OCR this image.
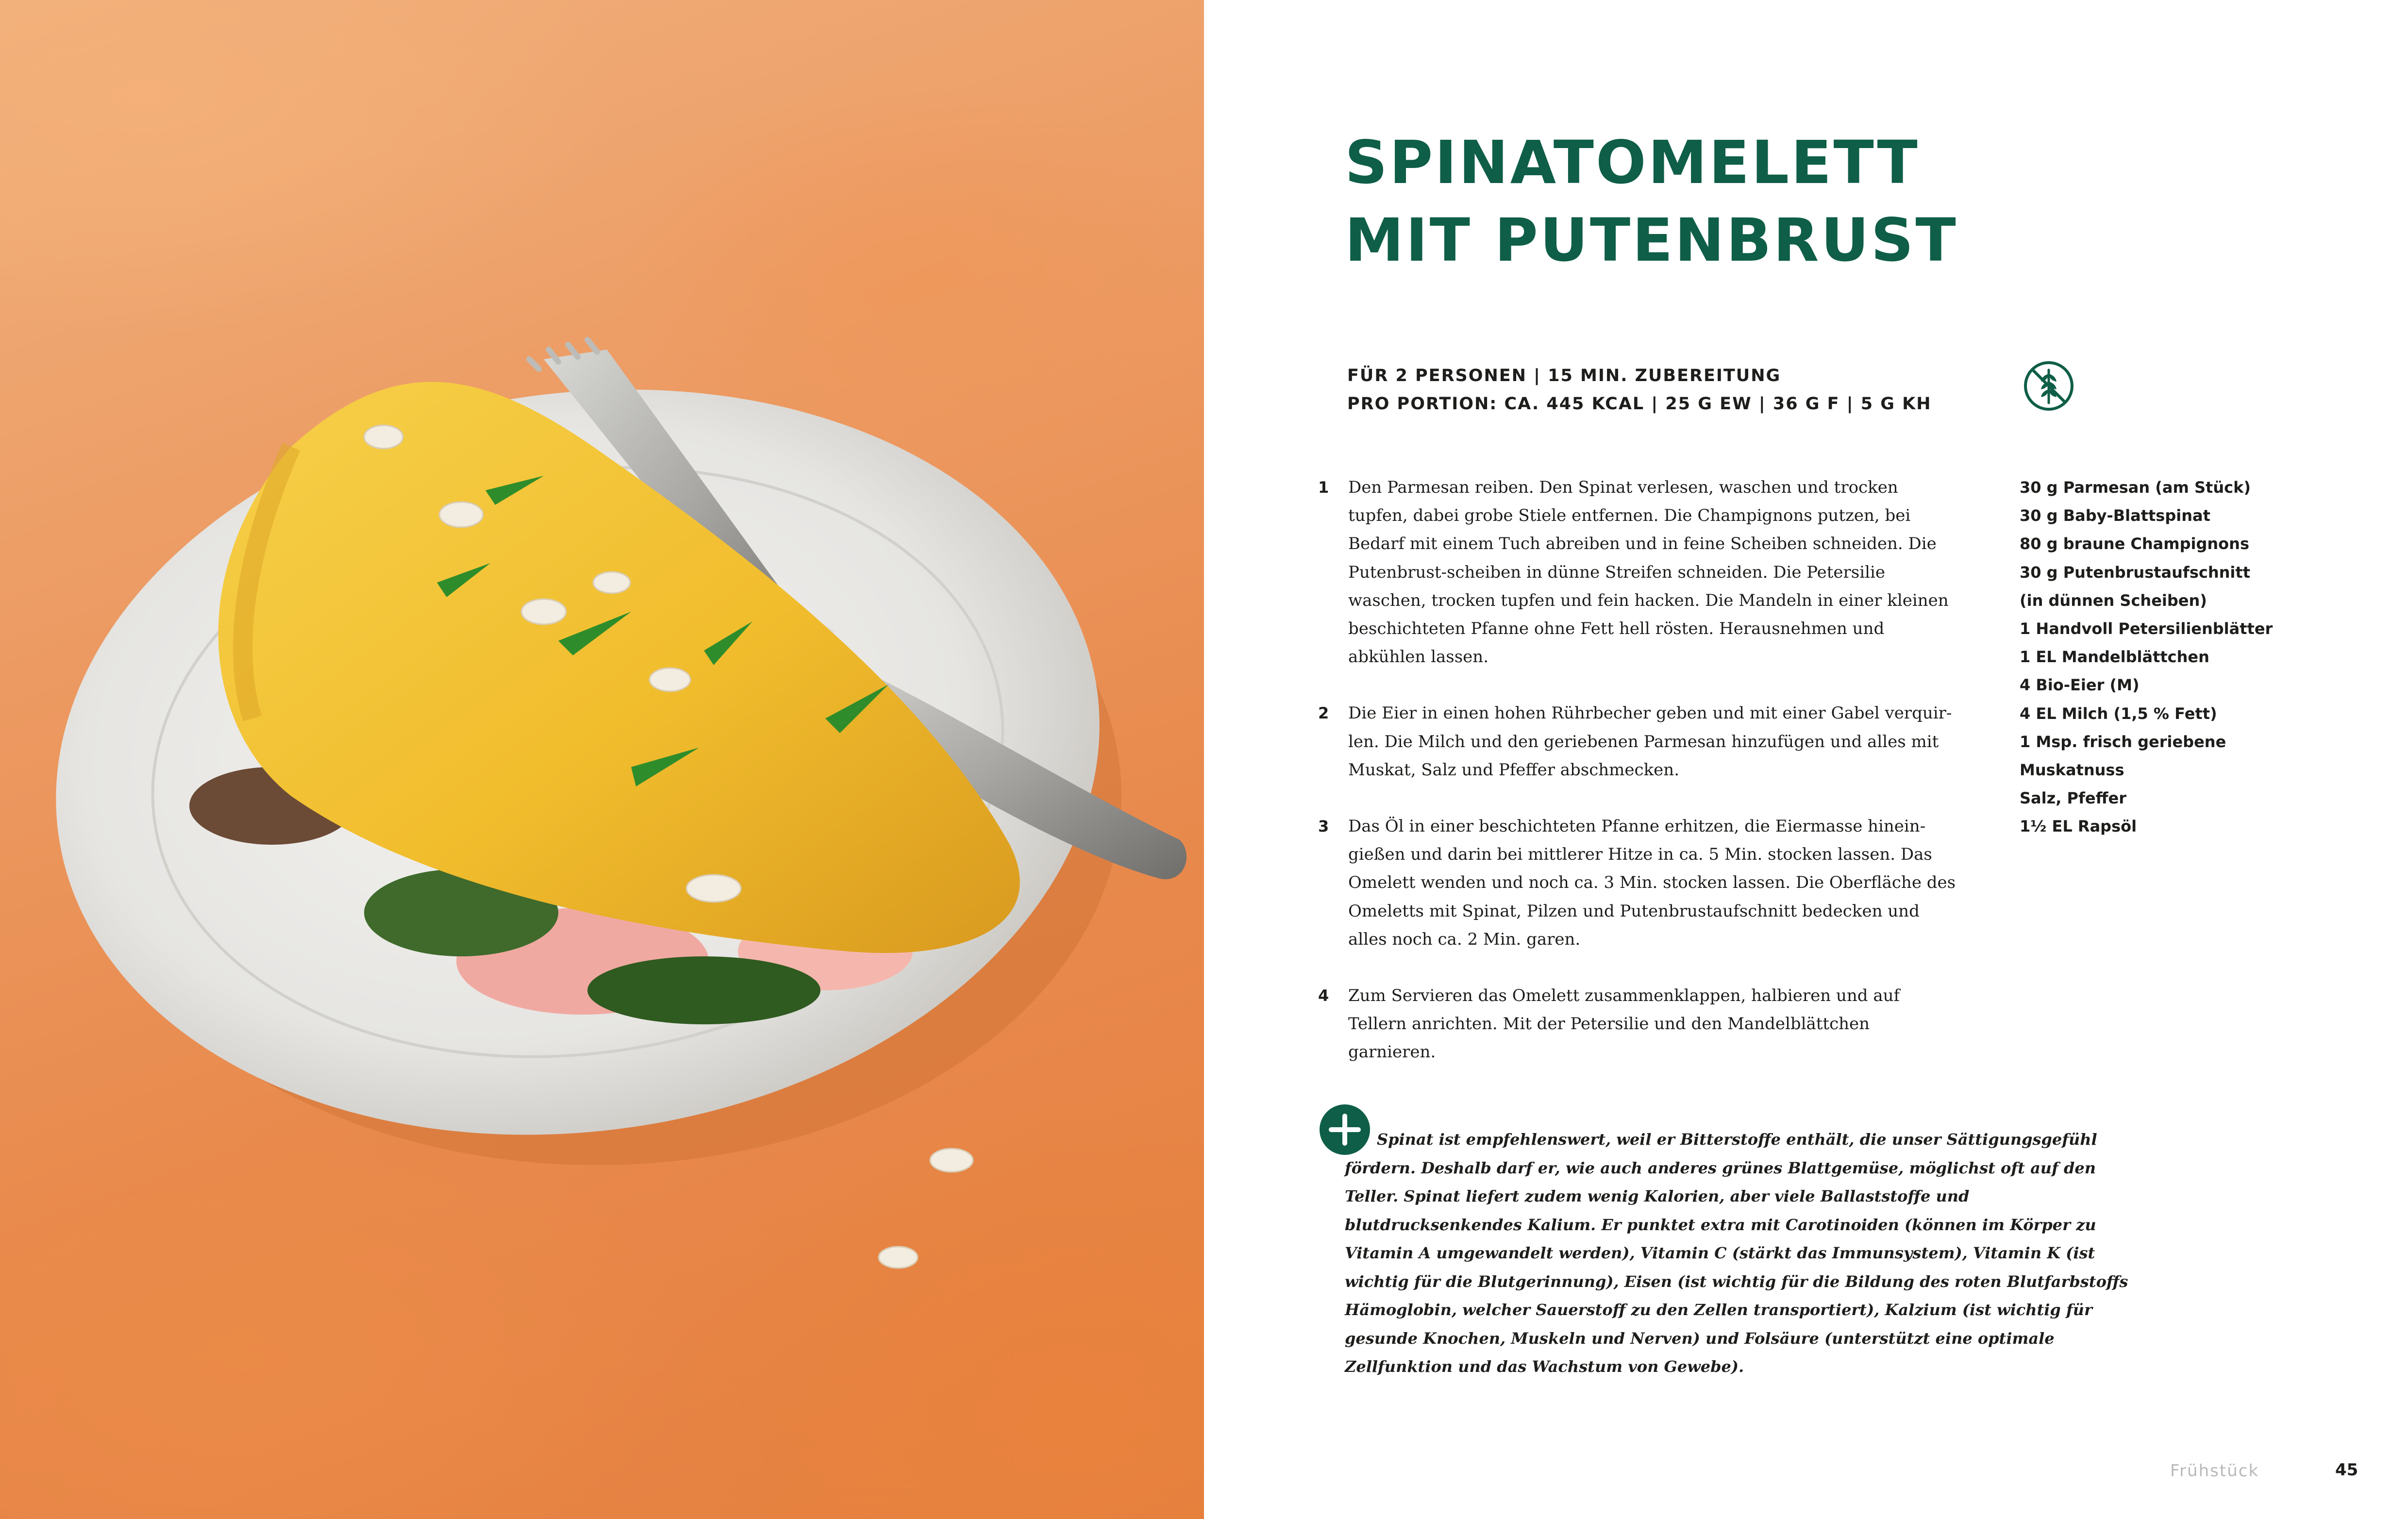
SPINATOMELETT
MIT PUTENBRUST
FÜR 2 PERSONEN | 15 MIN. ZUBEREITUNG
PRO PORTION: CA. 445 KCAL | 25 G EW | 36 G F | 5 G KH
1 Den Parmesan reiben. Den Spinat verlesen, waschen und trocken tupfen, dabei grobe Stiele entfernen. Die Champignons putzen, bei Bedarf mit einem Tuch abreiben und in feine Scheiben schneiden. Die Putenbrust-scheiben in dünne Streifen schneiden. Die Petersilie waschen, trocken tupfen und fein hacken. Die Mandeln in einer kleinen beschichteten Pfanne ohne Fett hell rösten. Herausnehmen und abkühlen lassen.
2 Die Eier in einen hohen Rührbecher geben und mit einer Gabel verquir-len. Die Milch und den geriebenen Parmesan hinzufügen und alles mit Muskat, Salz und Pfeffer abschmecken.
3 Das Öl in einer beschichteten Pfanne erhitzen, die Eiermasse hinein-gießen und darin bei mittlerer Hitze in ca. 5 Min. stocken lassen. Das Omelett wenden und noch ca. 3 Min. stocken lassen. Die Oberfläche des Omeletts mit Spinat, Pilzen und Putenbrustaufschnitt bedecken und alles noch ca. 2 Min. garen.
4 Zum Servieren das Omelett zusammenklappen, halbieren und auf Tellern anrichten. Mit der Petersilie und den Mandelblättchen garnieren.
30 g Parmesan (am Stück)
30 g Baby-Blattspinat
80 g braune Champignons
30 g Putenbrustaufschnitt
(in dünnen Scheiben)
1 Handvoll Petersilienblätter
1 EL Mandelblättchen
4 Bio-Eier (M)
4 EL Milch (1,5 % Fett)
1 Msp. frisch geriebene
Muskatnuss
Salz, Pfeffer
1½ EL Rapsöl

Spinat ist empfehlenswert, weil er Bitterstoffe enthält, die unser Sättigungsgefühl fördern. Deshalb darf er, wie auch anderes grünes Blattgemüse, möglichst oft auf den Teller. Spinat liefert zudem wenig Kalorien, aber viele Ballaststoffe und blutdrucksenkendes Kalium. Er punktet extra mit Carotinoiden (können im Körper zu Vitamin A umgewandelt werden), Vitamin C (stärkt das Immunsystem), Vitamin K (ist wichtig für die Blutgerinnung), Eisen (ist wichtig für die Bildung des roten Blutfarbstoffs Hämoglobin, welcher Sauerstoff zu den Zellen transportiert), Kalzium (ist wichtig für gesunde Knochen, Muskeln und Nerven) und Folsäure (unterstützt eine optimale Zellfunktion und das Wachstum von Gewebe).

Frühstück	45
